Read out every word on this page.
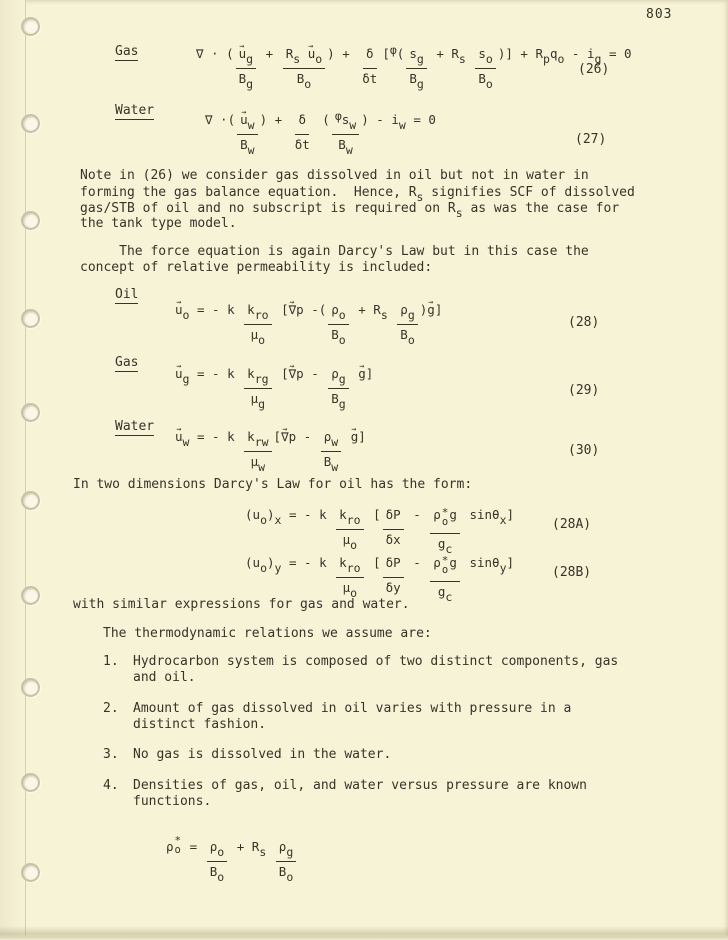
803
Gas	∇ · ( $\frac{u \to g}{Bg} + \frac{\text{Rs u →o}}{Bo}$ ) + $\frac{\delta}{\delta t}$ [ φ ( $\frac{sg}{Bg} + R$ s
$\frac{so}{Bo}$ )] + R p q o - i g = 0
(26)
Water
∇ ·( $\frac{u \to w}{Bw}$ ) + $\frac{\delta}{\delta t}$ ( $\frac{\text{φsw}}{Bw}$ ) - i w = 0
(27)
Note in (26) we consider gas dissolved in oil but not in water in
forming the gas balance equation.  Hence, Rs signifies SCF of dissolved
gas/STB of oil and no subscript is required on Rs as was the case for
the tank type model.
The force equation is again Darcy's Law but in this case the
concept of relative permeability is included:
Oil
u → o = - k $\frac{\text{kro}}{\mu o}$ [ ∇ → p -( $\frac{\rho o}{Bo} + R$ s
$\frac{\rho g}{Bo}$ ) g → ]
(28)
Gas
u → g = - k $\frac{\text{krg}}{\mu g}$ [ ∇ → p - $\frac{\rho g}{Bg}$
g → ]
(29)
Water
u → w = - k $\frac{\text{krw}}{\mu w}$ [ ∇ → p - $\frac{\rho w}{Bw}$
g → ]
(30)
In two dimensions Darcy's Law for oil has the form:
(u o ) x = - k $\frac{\text{kro}}{\mu o}$ [ $\frac{\delta P}{\delta x}$ - ρ *
o g
gc sinθ x ]
(28A)
(u o ) y = - k $\frac{\text{kro}}{\mu o}$ [ $\frac{\delta P}{\delta y}$ - ρ *
o g
gc sinθ y ]
(28B)
with similar expressions for gas and water.
The thermodynamic relations we assume are:
1. Hydrocarbon system is composed of two distinct components, gas
and oil.
2. Amount of gas dissolved in oil varies with pressure in a
distinct fashion.
3. No gas is dissolved in the water.
4. Densities of gas, oil, and water versus pressure are known
functions.
ρ *
$o = \frac{\rho o}{Bo} + R$ s
$\frac{\rho g}{Bo}$
